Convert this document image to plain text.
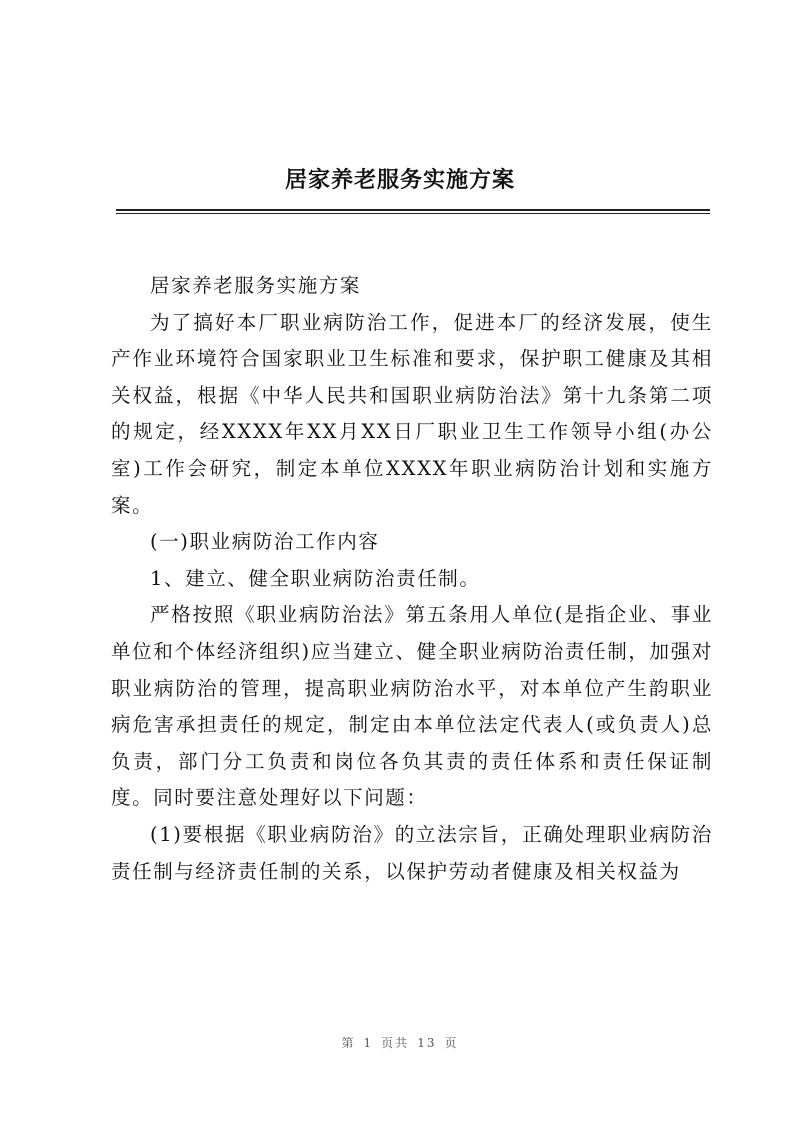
居家养老服务实施方案

居家养老服务实施方案

为了搞好本厂职业病防治工作，促进本厂的经济发展，使生产作业环境符合国家职业卫生标准和要求，保护职工健康及其相关权益，根据《中华人民共和国职业病防治法》第十九条第二项的规定，经XXXX年XX月XX日厂职业卫生工作领导小组(办公室)工作会研究，制定本单位XXXX年职业病防治计划和实施方案。

(一)职业病防治工作内容

1、建立、健全职业病防治责任制。

严格按照《职业病防治法》第五条用人单位(是指企业、事业单位和个体经济组织)应当建立、健全职业病防治责任制，加强对职业病防治的管理，提高职业病防治水平，对本单位产生韵职业病危害承担责任的规定，制定由本单位法定代表人(或负责人)总负责，部门分工负责和岗位各负其责的责任体系和责任保证制度。同时要注意处理好以下问题：

(1)要根据《职业病防治》的立法宗旨，正确处理职业病防治责任制与经济责任制的关系，以保护劳动者健康及相关权益为

第 1 页共 13 页
